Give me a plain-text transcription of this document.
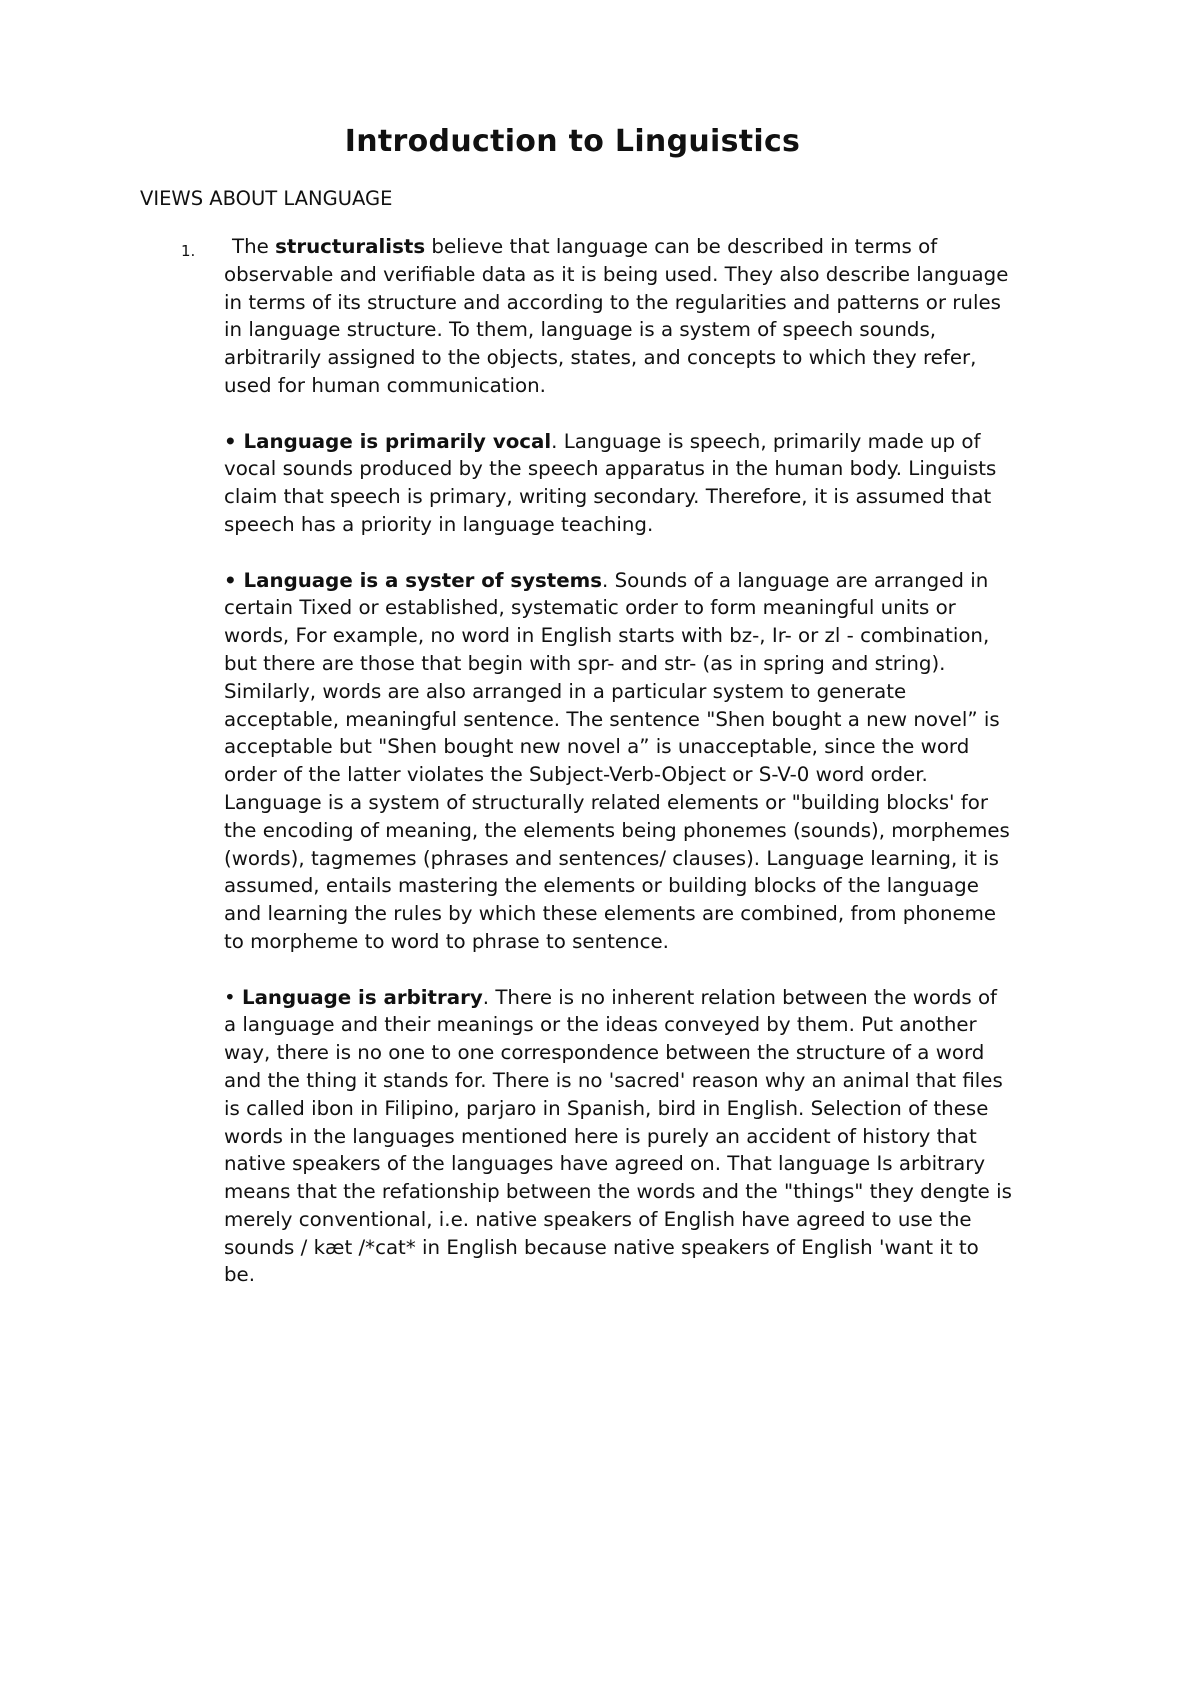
Introduction to Linguistics
VIEWS ABOUT LANGUAGE
1.	The structuralists believe that language can be described in terms of observable and verifiable data as it is being used. They also describe language in terms of its structure and according to the regularities and patterns or rules in language structure. To them, language is a system of speech sounds, arbitrarily assigned to the objects, states, and concepts to which they refer, used for human communication.

• Language is primarily vocal. Language is speech, primarily made up of vocal sounds produced by the speech apparatus in the human body. Linguists claim that speech is primary, writing secondary. Therefore, it is assumed that speech has a priority in language teaching.

• Language is a syster of systems. Sounds of a language are arranged in certain Tixed or established, systematic order to form meaningful units or words, For example, no word in English starts with bz-, Ir- or zl - combination, but there are those that begin with spr- and str- (as in spring and string). Similarly, words are also arranged in a particular system to generate acceptable, meaningful sentence. The sentence "Shen bought a new novel” is acceptable but "Shen bought new novel a” is unacceptable, since the word order of the latter violates the Subject-Verb-Object or S-V-0 word order. Language is a system of structurally related elements or "building blocks' for the encoding of meaning, the elements being phonemes (sounds), morphemes (words), tagmemes (phrases and sentences/ clauses). Language learning, it is assumed, entails mastering the elements or building blocks of the language and learning the rules by which these elements are combined, from phoneme to morpheme to word to phrase to sentence.

• Language is arbitrary. There is no inherent relation between the words of a language and their meanings or the ideas conveyed by them. Put another way, there is no one to one correspondence between the structure of a word and the thing it stands for. There is no 'sacred' reason why an animal that files is called ibon in Filipino, parjaro in Spanish, bird in English. Selection of these words in the languages mentioned here is purely an accident of history that native speakers of the languages have agreed on. That language Is arbitrary means that the refationship between the words and the "things" they dengte is merely conventional, i.e. native speakers of English have agreed to use the sounds / kæt /*cat* in English because native speakers of English 'want it to be.
